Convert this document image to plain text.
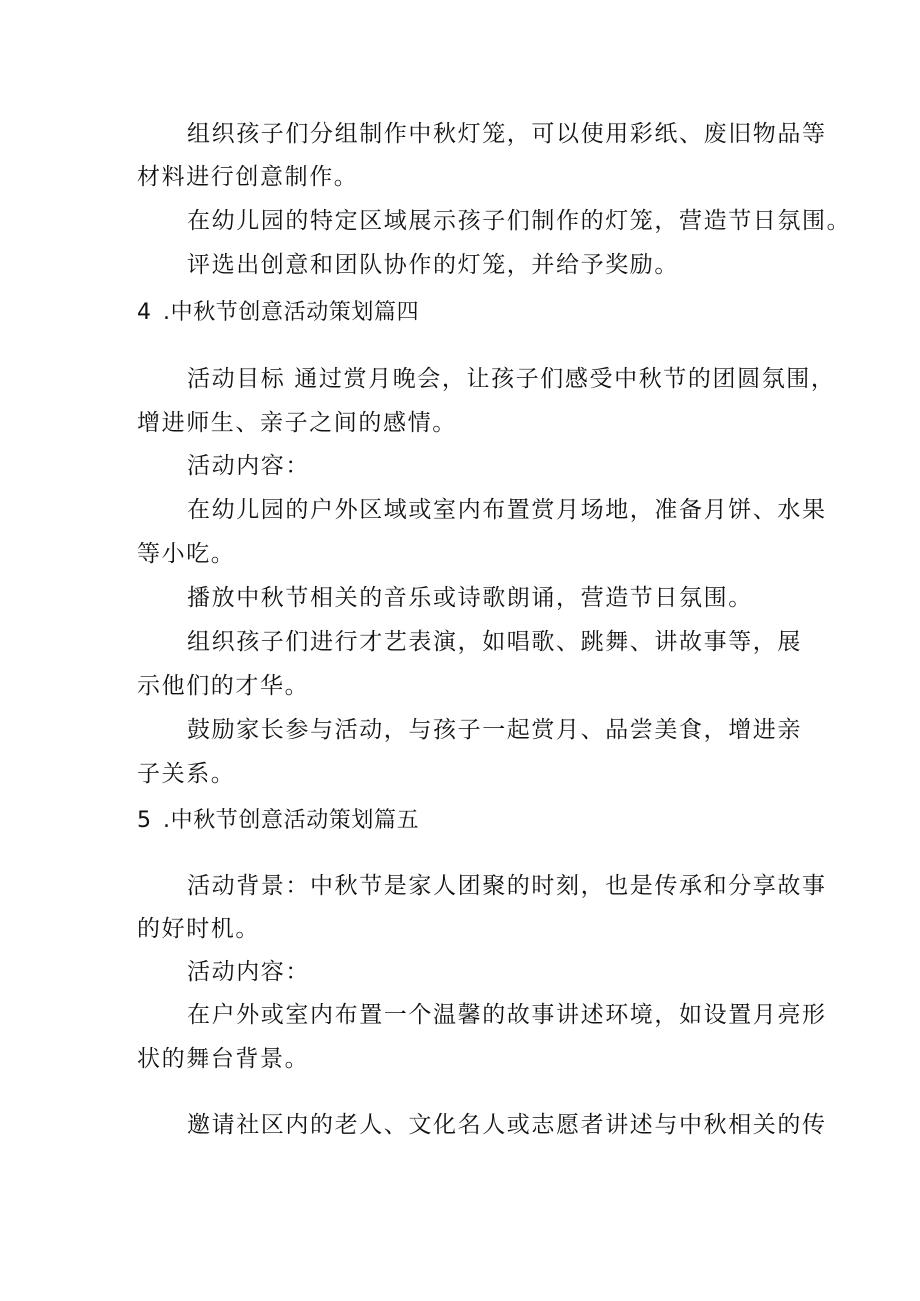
组织孩子们分组制作中秋灯笼，可以使用彩纸、废旧物品等
材料进行创意制作。
在幼儿园的特定区域展示孩子们制作的灯笼，营造节日氛围。
评选出创意和团队协作的灯笼，并给予奖励。
4 .中秋节创意活动策划篇四
活动目标 通过赏月晚会，让孩子们感受中秋节的团圆氛围，
增进师生、亲子之间的感情。
活动内容：
在幼儿园的户外区域或室内布置赏月场地，准备月饼、水果
等小吃。
播放中秋节相关的音乐或诗歌朗诵，营造节日氛围。
组织孩子们进行才艺表演，如唱歌、跳舞、讲故事等，展
示他们的才华。
鼓励家长参与活动，与孩子一起赏月、品尝美食，增进亲
子关系。
5 .中秋节创意活动策划篇五
活动背景：中秋节是家人团聚的时刻，也是传承和分享故事
的好时机。
活动内容：
在户外或室内布置一个温馨的故事讲述环境，如设置月亮形
状的舞台背景。
邀请社区内的老人、文化名人或志愿者讲述与中秋相关的传
